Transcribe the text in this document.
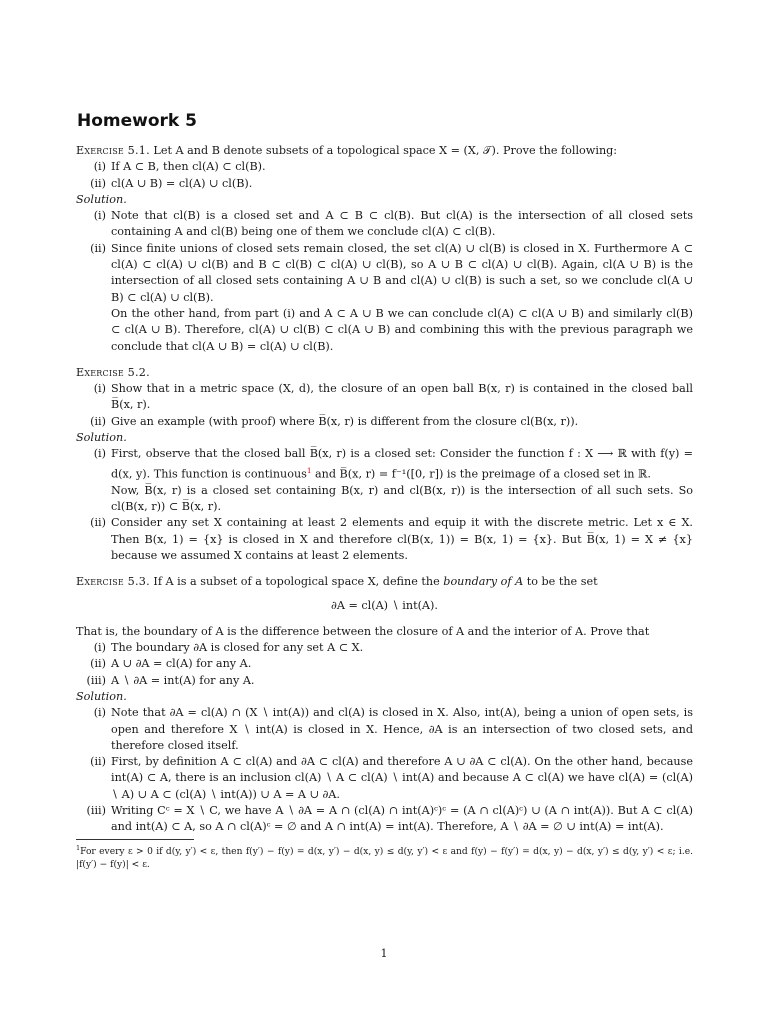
Homework 5

Exercise 5.1. Let A and B denote subsets of a topological space X = (X, 𝒯). Prove the following:

(i) If A ⊂ B, then cl(A) ⊂ cl(B).
(ii) cl(A ∪ B) = cl(A) ∪ cl(B).

Solution.

(i) Note that cl(B) is a closed set and A ⊂ B ⊂ cl(B). But cl(A) is the intersection of all closed sets containing A and cl(B) being one of them we conclude cl(A) ⊂ cl(B).
(ii) Since finite unions of closed sets remain closed, the set cl(A) ∪ cl(B) is closed in X. Furthermore A ⊂ cl(A) ⊂ cl(A) ∪ cl(B) and B ⊂ cl(B) ⊂ cl(A) ∪ cl(B), so A ∪ B ⊂ cl(A) ∪ cl(B). Again, cl(A ∪ B) is the intersection of all closed sets containing A ∪ B and cl(A) ∪ cl(B) is such a set, so we conclude cl(A ∪ B) ⊂ cl(A) ∪ cl(B).
On the other hand, from part (i) and A ⊂ A ∪ B we can conclude cl(A) ⊂ cl(A ∪ B) and similarly cl(B) ⊂ cl(A ∪ B). Therefore, cl(A) ∪ cl(B) ⊂ cl(A ∪ B) and combining this with the previous paragraph we conclude that cl(A ∪ B) = cl(A) ∪ cl(B).

Exercise 5.2.

(i) Show that in a metric space (X, d), the closure of an open ball B(x, r) is contained in the closed ball B̅(x, r).
(ii) Give an example (with proof) where B̅(x, r) is different from the closure cl(B(x, r)).

Solution.

(i) First, observe that the closed ball B̅(x, r) is a closed set: Consider the function f : X ⟶ ℝ with f(y) = d(x, y). This function is continuous$^1$ and B̅(x, r) = f⁻¹([0, r]) is the preimage of a closed set in ℝ.
Now, B̅(x, r) is a closed set containing B(x, r) and cl(B(x, r)) is the intersection of all such sets. So cl(B(x, r)) ⊂ B̅(x, r).
(ii) Consider any set X containing at least 2 elements and equip it with the discrete metric. Let x ∈ X. Then B(x, 1) = {x} is closed in X and therefore cl(B(x, 1)) = B(x, 1) = {x}. But B̅(x, 1) = X ≠ {x} because we assumed X contains at least 2 elements.

Exercise 5.3. If A is a subset of a topological space X, define the boundary of A to be the set

∂A = cl(A) ∖ int(A).

That is, the boundary of A is the difference between the closure of A and the interior of A. Prove that

(i) The boundary ∂A is closed for any set A ⊂ X.
(ii) A ∪ ∂A = cl(A) for any A.
(iii) A ∖ ∂A = int(A) for any A.

Solution.

(i) Note that ∂A = cl(A) ∩ (X ∖ int(A)) and cl(A) is closed in X. Also, int(A), being a union of open sets, is open and therefore X ∖ int(A) is closed in X. Hence, ∂A is an intersection of two closed sets, and therefore closed itself.
(ii) First, by definition A ⊂ cl(A) and ∂A ⊂ cl(A) and therefore A ∪ ∂A ⊂ cl(A). On the other hand, because int(A) ⊂ A, there is an inclusion cl(A) ∖ A ⊂ cl(A) ∖ int(A) and because A ⊂ cl(A) we have cl(A) = (cl(A) ∖ A) ∪ A ⊂ (cl(A) ∖ int(A)) ∪ A = A ∪ ∂A.
(iii) Writing Cᶜ = X ∖ C, we have A ∖ ∂A = A ∩ (cl(A) ∩ int(A)ᶜ)ᶜ = (A ∩ cl(A)ᶜ) ∪ (A ∩ int(A)). But A ⊂ cl(A) and int(A) ⊂ A, so A ∩ cl(A)ᶜ = ∅ and A ∩ int(A) = int(A). Therefore, A ∖ ∂A = ∅ ∪ int(A) = int(A).
$^1$For every ε > 0 if d(y, y′) < ε, then f(y′) − f(y) = d(x, y′) − d(x, y) ≤ d(y, y′) < ε and f(y) − f(y′) = d(x, y) − d(x, y′) ≤ d(y, y′) < ε; i.e. |f(y′) − f(y)| < ε.
1
